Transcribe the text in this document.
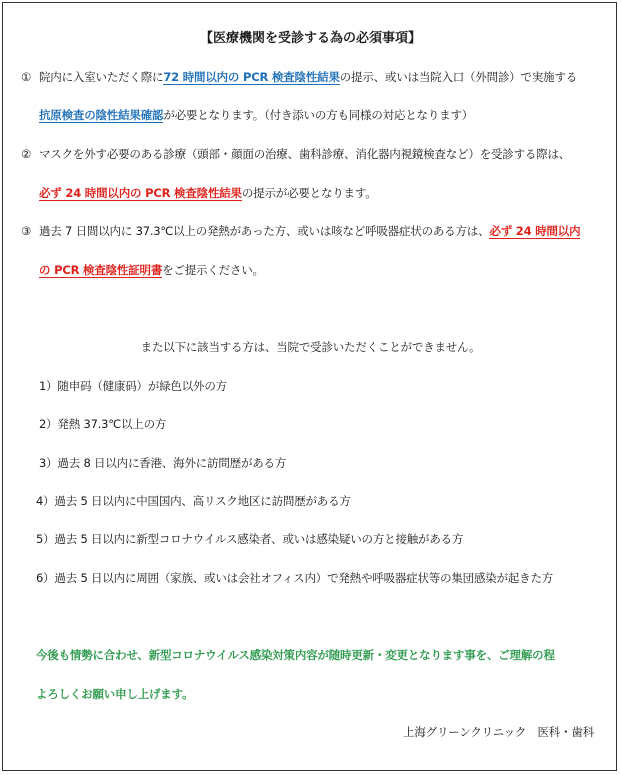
【医療機関を受診する為の必須事項】
① 院内に入室いただく際に72 時間以内の PCR 検査陰性結果の提示、或いは当院入口（外問診）で実施する
抗原検査の陰性結果確認が必要となります。（付き添いの方も同様の対応となります）
② マスクを外す必要のある診療（頭部・顔面の治療、歯科診療、消化器内視鏡検査など）を受診する際は、
必ず 24 時間以内の PCR 検査陰性結果の提示が必要となります。
③ 過去 7 日間以内に 37.3℃以上の発熱があった方、或いは咳など呼吸器症状のある方は、必ず 24 時間以内
の PCR 検査陰性証明書をご提示ください。
また以下に該当する方は、当院で受診いただくことができません。
1）随申码（健康码）が緑色以外の方
2）発熱 37.3℃以上の方
3）過去 8 日以内に香港、海外に訪問歴がある方
4）過去 5 日以内に中国国内、高リスク地区に訪問歴がある方
5）過去 5 日以内に新型コロナウイルス感染者、或いは感染疑いの方と接触がある方
6）過去 5 日以内に周囲（家族、或いは会社オフィス内）で発熱や呼吸器症状等の集団感染が起きた方
今後も情勢に合わせ、新型コロナウイルス感染対策内容が随時更新・変更となります事を、ご理解の程
よろしくお願い申し上げます。
上海グリーンクリニック　医科・歯科
